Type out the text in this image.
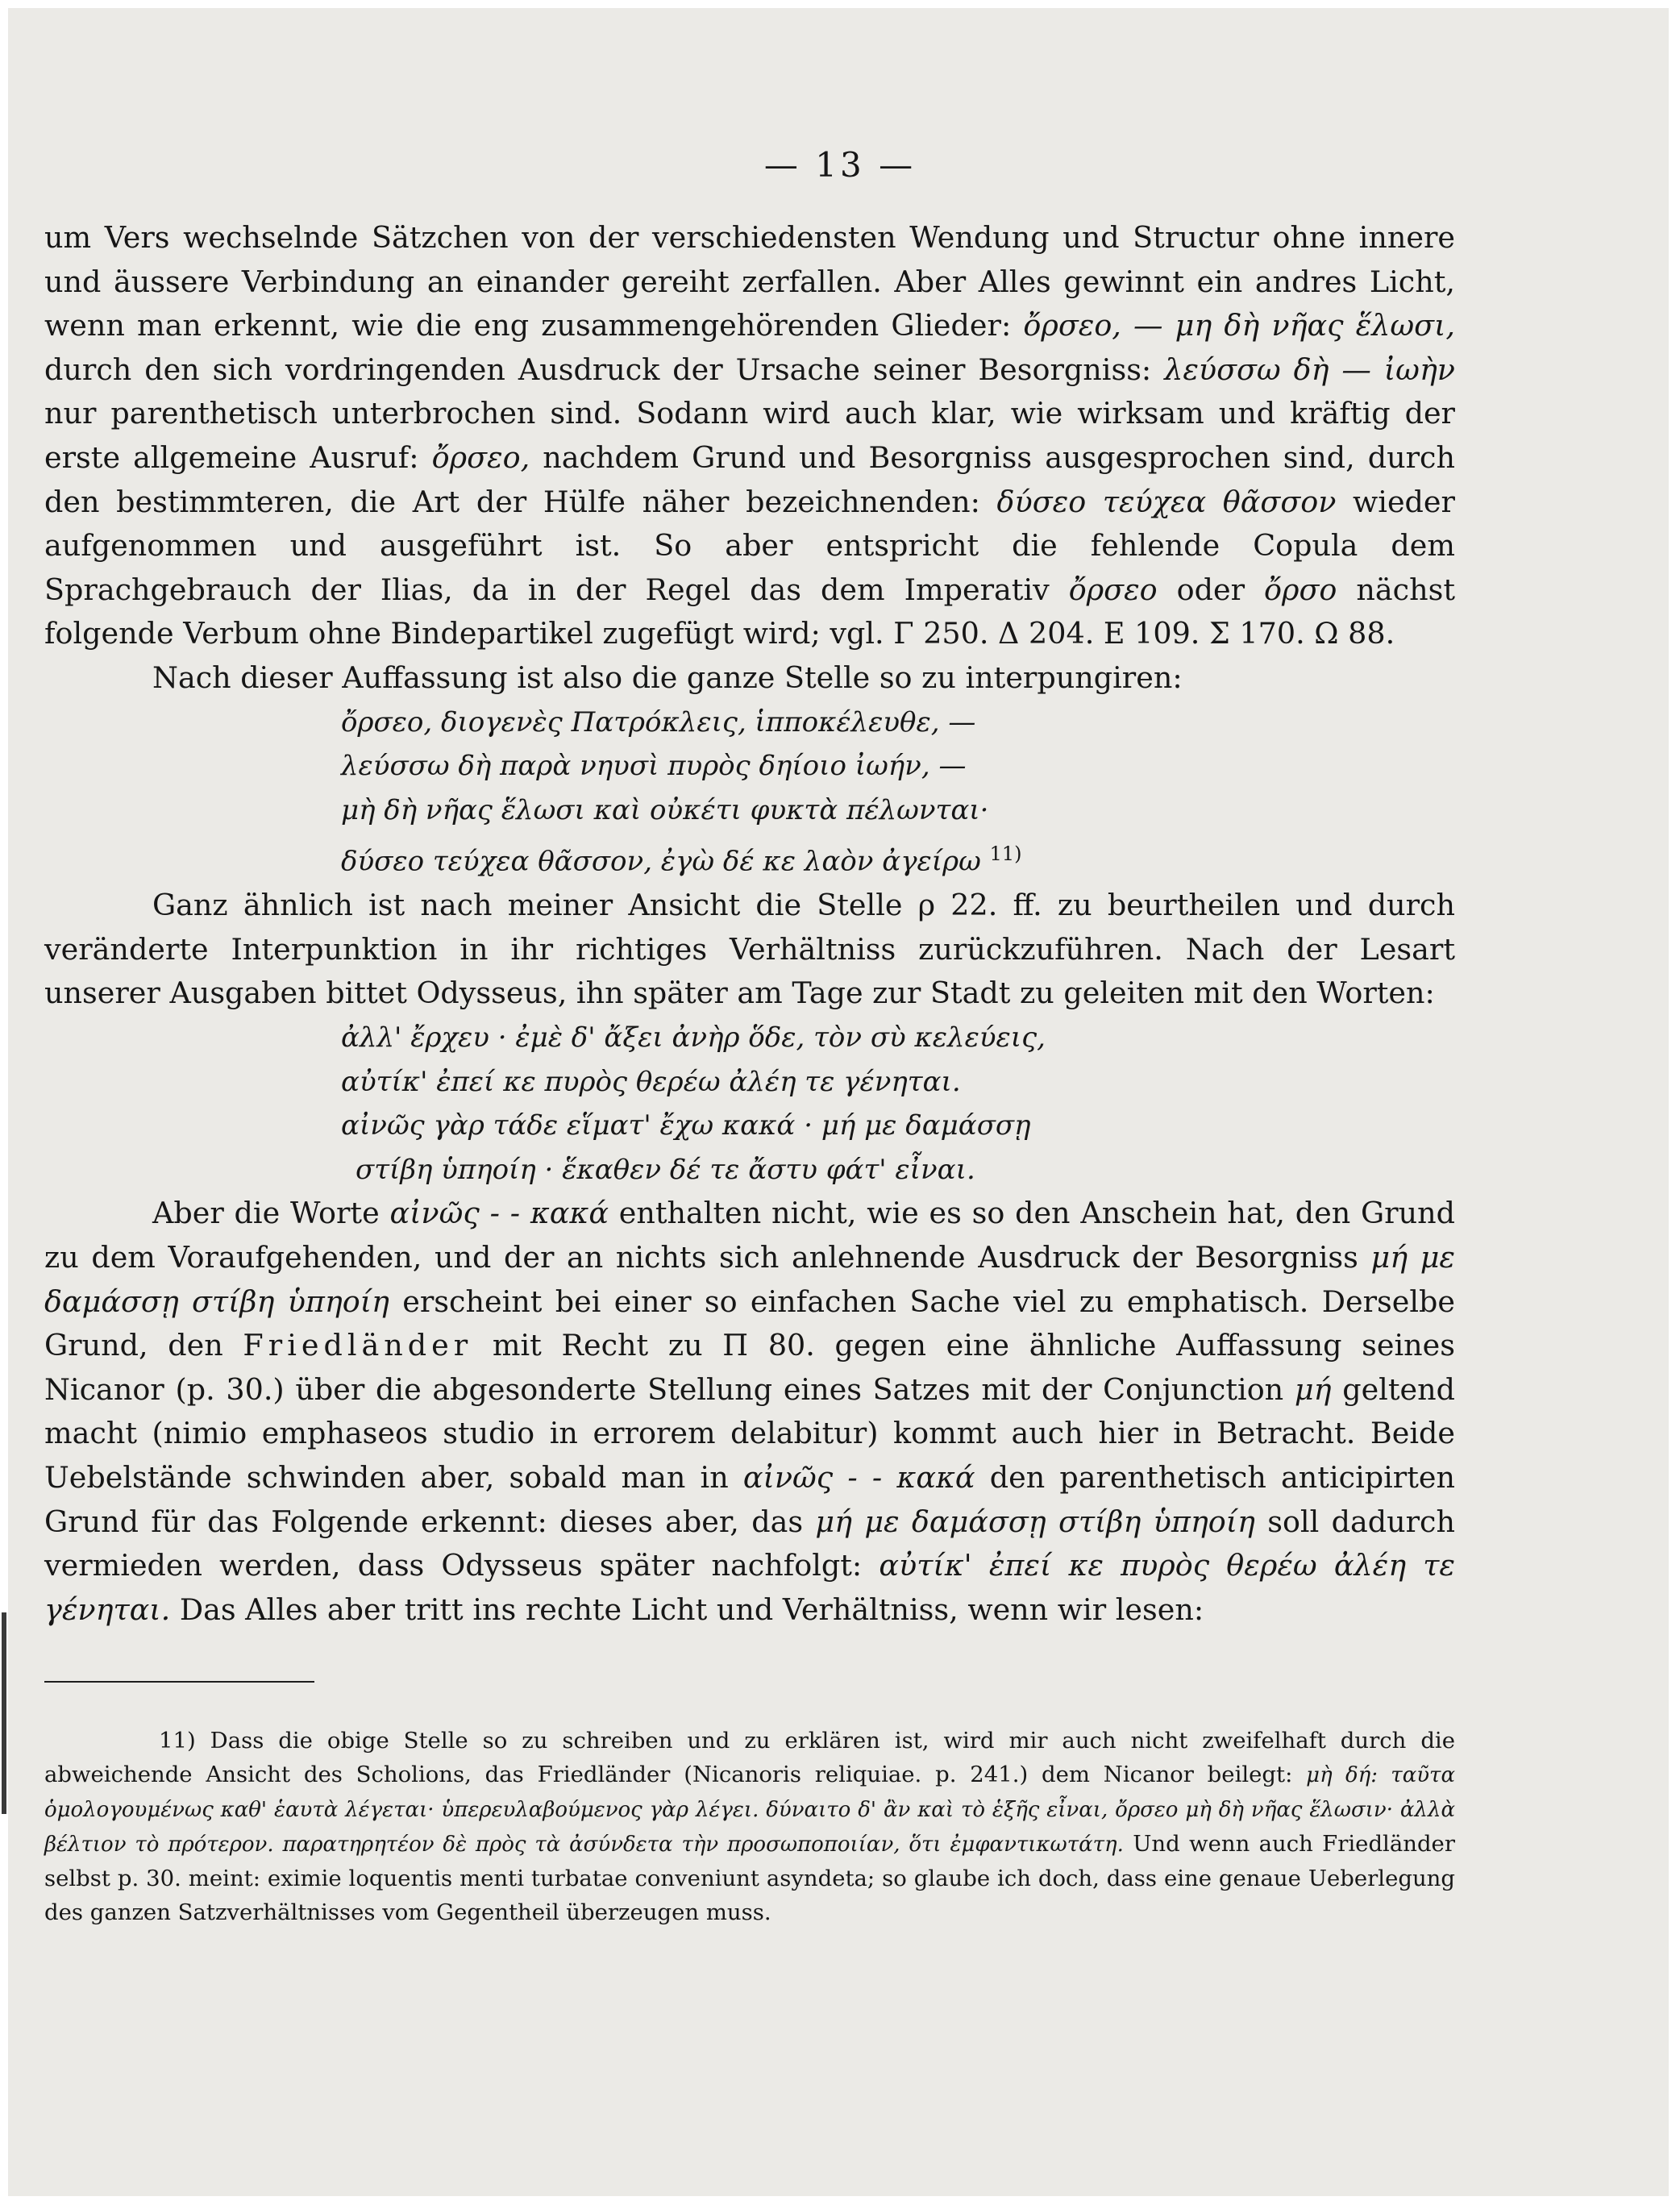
— 13 —

um Vers wechselnde Sätzchen von der verschiedensten Wendung und Structur ohne innere und äussere Verbindung an einander gereiht zerfallen. Aber Alles gewinnt ein andres Licht, wenn man erkennt, wie die eng zusammengehörenden Glieder: ὄρσεο, — μη δὴ νῆας ἕλωσι, durch den sich vordringenden Ausdruck der Ursache seiner Besorgniss: λεύσσω δὴ — ἰωὴν nur parenthetisch unterbrochen sind. Sodann wird auch klar, wie wirksam und kräftig der erste allgemeine Ausruf: ὄρσεο, nachdem Grund und Besorgniss ausgesprochen sind, durch den bestimmteren, die Art der Hülfe näher bezeichnenden: δύσεο τεύχεα θᾶσσον wieder aufgenommen und ausgeführt ist. So aber entspricht die fehlende Copula dem Sprachgebrauch der Ilias, da in der Regel das dem Imperativ ὄρσεο oder ὄρσο nächst folgende Verbum ohne Bindepartikel zugefügt wird; vgl. Γ 250. Δ 204. Ε 109. Σ 170. Ω 88.

Nach dieser Auffassung ist also die ganze Stelle so zu interpungiren:

ὄρσεο, διογενὲς Πατρόκλεις, ἱπποκέλευθε, —
λεύσσω δὴ παρὰ νηυσὶ πυρὸς δηίοιο ἰωήν, —
μὴ δὴ νῆας ἕλωσι καὶ οὐκέτι φυκτὰ πέλωνται·
δύσεο τεύχεα θᾶσσον, ἐγὼ δέ κε λαὸν ἀγείρω $^{11)}$

Ganz ähnlich ist nach meiner Ansicht die Stelle ρ 22. ff. zu beurtheilen und durch veränderte Interpunktion in ihr richtiges Verhältniss zurückzuführen. Nach der Lesart unserer Ausgaben bittet Odysseus, ihn später am Tage zur Stadt zu geleiten mit den Worten:

ἀλλ' ἔρχευ · ἐμὲ δ' ἄξει ἀνὴρ ὅδε, τὸν σὺ κελεύεις,
αὐτίκ' ἐπεί κε πυρὸς θερέω ἀλέη τε γένηται.
αἰνῶς γὰρ τάδε εἵματ' ἔχω κακά · μή με δαμάσσῃ
στίβη ὑπηοίη · ἕκαθεν δέ τε ἄστυ φάτ' εἶναι.

Aber die Worte αἰνῶς - - κακά enthalten nicht, wie es so den Anschein hat, den Grund zu dem Voraufgehenden, und der an nichts sich anlehnende Ausdruck der Besorgniss μή με δαμάσσῃ στίβη ὑπηοίη erscheint bei einer so einfachen Sache viel zu emphatisch. Derselbe Grund, den Friedländer mit Recht zu Π 80. gegen eine ähnliche Auffassung seines Nicanor (p. 30.) über die abgesonderte Stellung eines Satzes mit der Conjunction μή geltend macht (nimio emphaseos studio in errorem delabitur) kommt auch hier in Betracht. Beide Uebelstände schwinden aber, sobald man in αἰνῶς - - κακά den parenthetisch anticipirten Grund für das Folgende erkennt: dieses aber, das μή με δαμάσσῃ στίβη ὑπηοίη soll dadurch vermieden werden, dass Odysseus später nachfolgt: αὐτίκ' ἐπεί κε πυρὸς θερέω ἀλέη τε γένηται. Das Alles aber tritt ins rechte Licht und Verhältniss, wenn wir lesen:

11) Dass die obige Stelle so zu schreiben und zu erklären ist, wird mir auch nicht zweifelhaft durch die abweichende Ansicht des Scholions, das Friedländer (Nicanoris reliquiae. p. 241.) dem Nicanor beilegt: μὴ δή: ταῦτα ὁμολογουμένως καθ' ἑαυτὰ λέγεται· ὑπερευλαβούμενος γὰρ λέγει. δύναιτο δ' ἂν καὶ τὸ ἑξῆς εἶναι, ὄρσεο μὴ δὴ νῆας ἕλωσιν· ἀλλὰ βέλτιον τὸ πρότερον. παρατηρητέον δὲ πρὸς τὰ ἀσύνδετα τὴν προσωποποιίαν, ὅτι ἐμφαντικωτάτη. Und wenn auch Friedländer selbst p. 30. meint: eximie loquentis menti turbatae conveniunt asyndeta; so glaube ich doch, dass eine genaue Ueberlegung des ganzen Satzverhältnisses vom Gegentheil überzeugen muss.
